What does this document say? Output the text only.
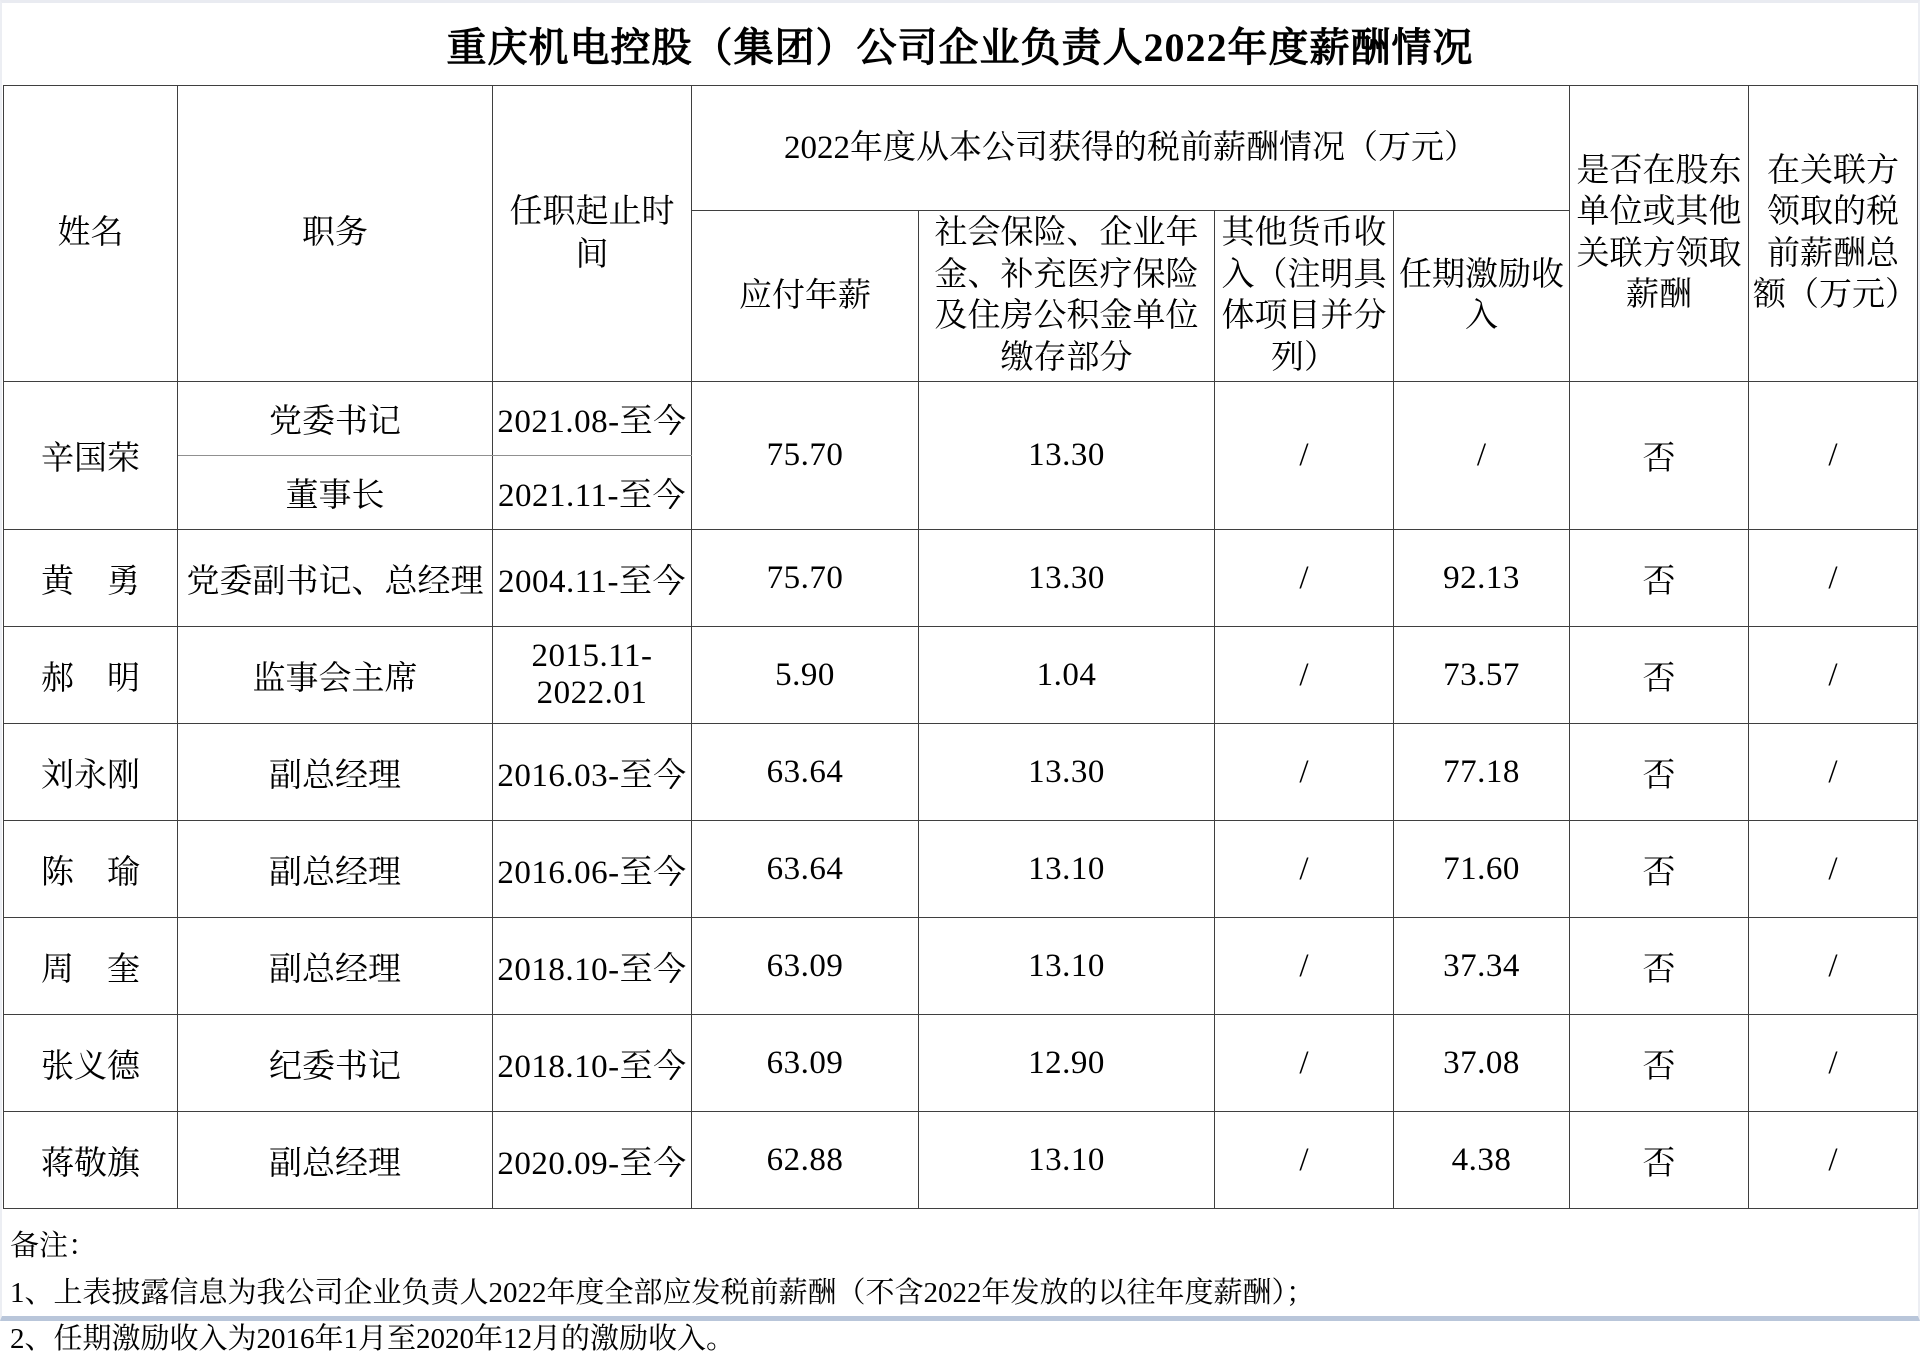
重庆机电控股（集团）公司企业负责人2022年度薪酬情况
姓名	职务	任职起止时间	2022年度从本公司获得的税前薪酬情况（万元）				是否在股东单位或其他关联方领取薪酬	在关联方领取的税前薪酬总额（万元）
			应付年薪	社会保险、企业年金、补充医疗保险及住房公积金单位缴存部分	其他货币收入（注明具体项目并分列）	任期激励收入		
辛国荣	党委书记	2021.08-至今	75.70	13.30	/	/	否	/
	董事长	2021.11-至今						
黄　勇	党委副书记、总经理	2004.11-至今	75.70	13.30	/	92.13	否	/
郝　明	监事会主席	2015.11-2022.01	5.90	1.04	/	73.57	否	/
刘永刚	副总经理	2016.03-至今	63.64	13.30	/	77.18	否	/
陈　瑜	副总经理	2016.06-至今	63.64	13.10	/	71.60	否	/
周　奎	副总经理	2018.10-至今	63.09	13.10	/	37.34	否	/
张义德	纪委书记	2018.10-至今	63.09	12.90	/	37.08	否	/
蒋敬旗	副总经理	2020.09-至今	62.88	13.10	/	4.38	否	/
备注：
1、上表披露信息为我公司企业负责人2022年度全部应发税前薪酬（不含2022年发放的以往年度薪酬）；
2、任期激励收入为2016年1月至2020年12月的激励收入。
